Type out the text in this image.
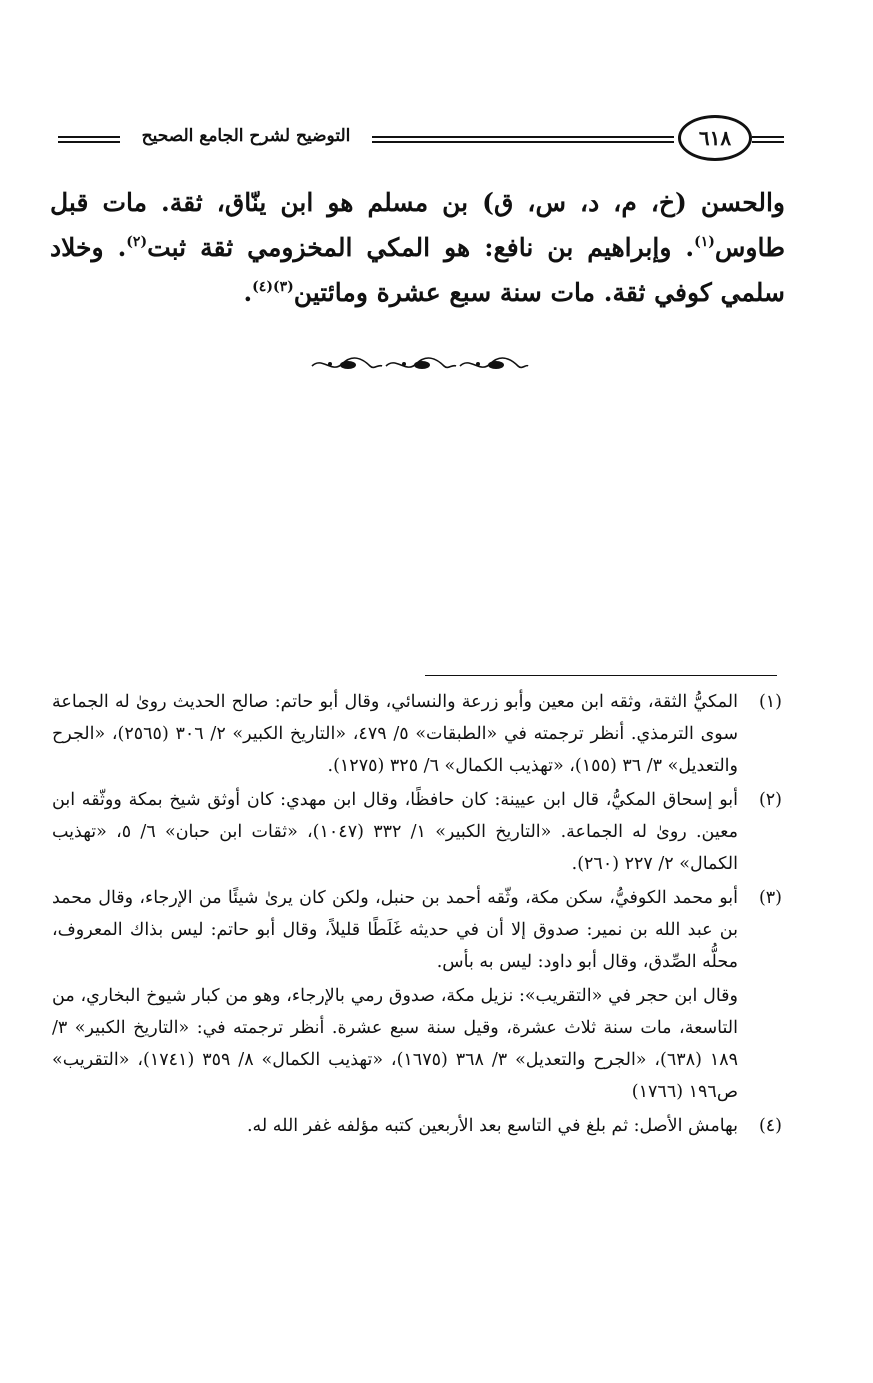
التوضيح لشرح الجامع الصحيح	٦١٨
والحسن (خ، م، د، س، ق) بن مسلم هو ابن ينّاق، ثقة. مات قبل طاوس$^{(١)}$. وإبراهيم بن نافع: هو المكي المخزومي ثقة ثبت$^{(٢)}$. وخلاد سلمي كوفي ثقة. مات سنة سبع عشرة ومائتين$^{(٣)(٤)}$.
(١)
المكيُّ الثقة، وثقه ابن معين وأبو زرعة والنسائي، وقال أبو حاتم: صالح الحديث روىٰ له الجماعة سوى الترمذي. أنظر ترجمته في «الطبقات» ٥/ ٤٧٩، «التاريخ الكبير» ٢/ ٣٠٦ (٢٥٦٥)، «الجرح والتعديل» ٣/ ٣٦ (١٥٥)، «تهذيب الكمال» ٦/ ٣٢٥ (١٢٧٥).
(٢)
أبو إسحاق المكيُّ، قال ابن عيينة: كان حافظًا، وقال ابن مهدي: كان أوثق شيخ بمكة ووثّقه ابن معين. روىٰ له الجماعة. «التاريخ الكبير» ١/ ٣٣٢ (١٠٤٧)، «ثقات ابن حبان» ٦/ ٥، «تهذيب الكمال» ٢/ ٢٢٧ (٢٦٠).
(٣)
أبو محمد الكوفيُّ، سكن مكة، وثّقه أحمد بن حنبل، ولكن كان يرىٰ شيئًا من الإرجاء، وقال محمد بن عبد الله بن نمير: صدوق إلا أن في حديثه غَلَطًا قليلاً، وقال أبو حاتم: ليس بذاك المعروف، محلُّه الصِّدق، وقال أبو داود: ليس به بأس.
وقال ابن حجر في «التقريب»: نزيل مكة، صدوق رمي بالإرجاء، وهو من كبار شيوخ البخاري، من التاسعة، مات سنة ثلاث عشرة، وقيل سنة سبع عشرة. أنظر ترجمته في: «التاريخ الكبير» ٣/ ١٨٩ (٦٣٨)، «الجرح والتعديل» ٣/ ٣٦٨ (١٦٧٥)، «تهذيب الكمال» ٨/ ٣٥٩ (١٧٤١)، «التقريب» ص١٩٦ (١٧٦٦)
(٤)
بهامش الأصل: ثم بلغ في التاسع بعد الأربعين كتبه مؤلفه غفر الله له.
